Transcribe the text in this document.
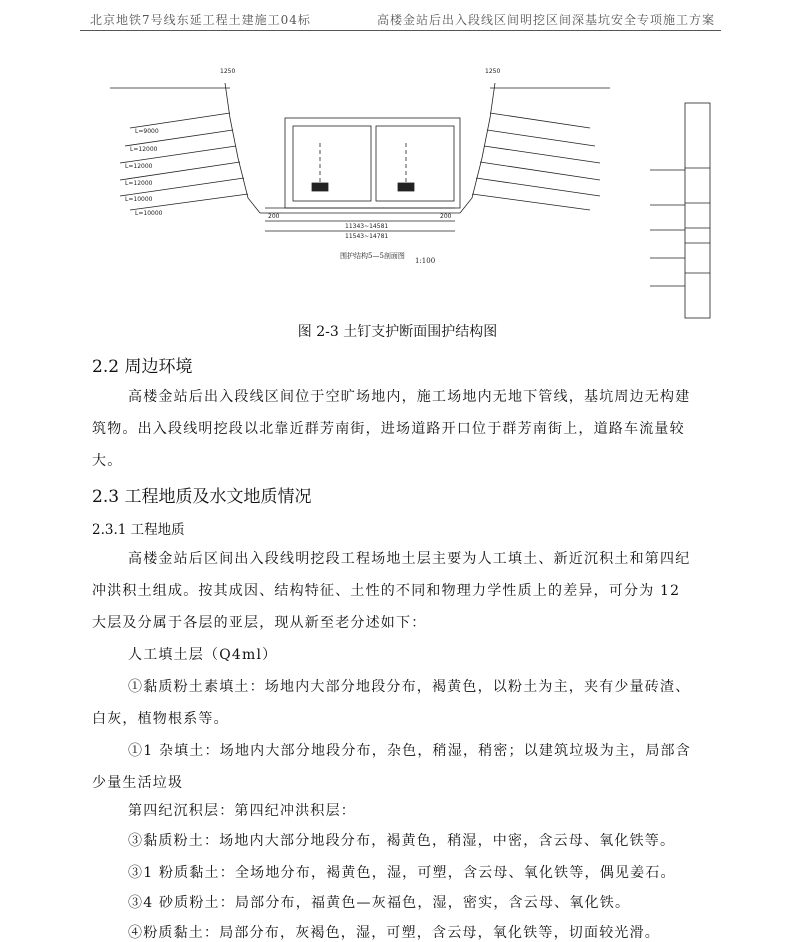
北京地铁7号线东延工程土建施工04标	高楼金站后出入段线区间明挖区间深基坑安全专项施工方案
11343~14581
11543~14781
1250	1250
200	200
L=9000
L=12000
L=12000
L=12000
L=10000
L=10000
围护结构5—5剖面图
1:100
图 2-3 土钉支护断面围护结构图
2.2 周边环境
高楼金站后出入段线区间位于空旷场地内，施工场地内无地下管线，基坑周边无构建
筑物。出入段线明挖段以北靠近群芳南街，进场道路开口位于群芳南街上，道路车流量较
大。
2.3 工程地质及水文地质情况
2.3.1 工程地质
高楼金站后区间出入段线明挖段工程场地土层主要为人工填土、新近沉积土和第四纪
冲洪积土组成。按其成因、结构特征、土性的不同和物理力学性质上的差异，可分为 12
大层及分属于各层的亚层，现从新至老分述如下：
人工填土层（Q4ml）
①黏质粉土素填土：场地内大部分地段分布，褐黄色，以粉土为主，夹有少量砖渣、
白灰，植物根系等。
①1 杂填土：场地内大部分地段分布，杂色，稍湿，稍密；以建筑垃圾为主，局部含
少量生活垃圾
第四纪沉积层：第四纪冲洪积层：
③黏质粉土：场地内大部分地段分布，褐黄色，稍湿，中密，含云母、氧化铁等。
③1 粉质黏土：全场地分布，褐黄色，湿，可塑，含云母、氧化铁等，偶见姜石。
③4 砂质粉土：局部分布，福黄色—灰福色，湿，密实，含云母、氧化铁。
④粉质黏土：局部分布，灰褐色，湿，可塑，含云母，氧化铁等，切面较光滑。
